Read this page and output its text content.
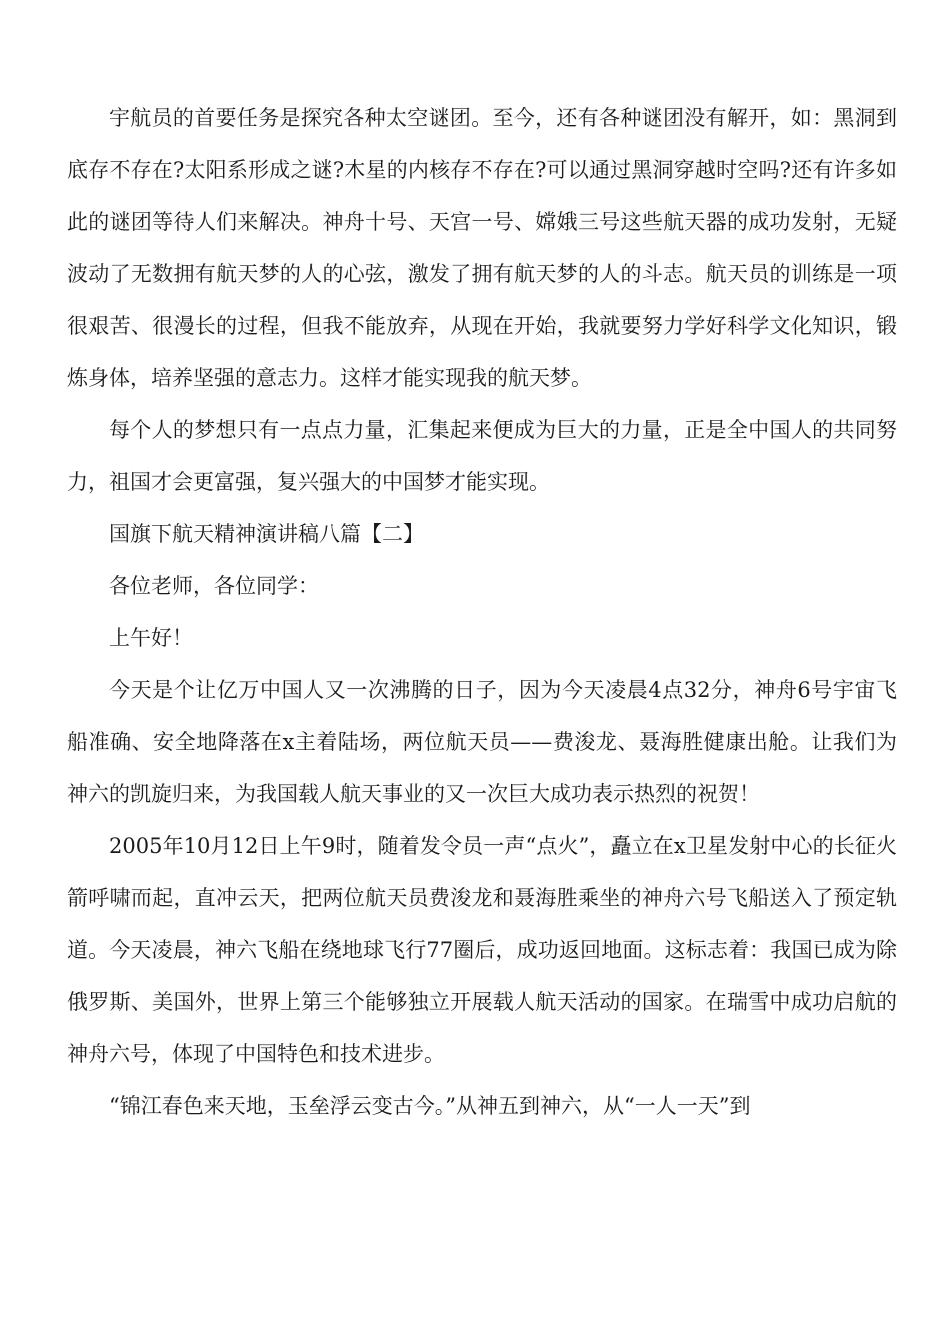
宇航员的首要任务是探究各种太空谜团。至今，还有各种谜团没有解开，如：黑洞到底存不存在?太阳系形成之谜?木星的内核存不存在?可以通过黑洞穿越时空吗?还有许多如此的谜团等待人们来解决。神舟十号、天宫一号、嫦娥三号这些航天器的成功发射，无疑波动了无数拥有航天梦的人的心弦，激发了拥有航天梦的人的斗志。航天员的训练是一项很艰苦、很漫长的过程，但我不能放弃，从现在开始，我就要努力学好科学文化知识，锻炼身体，培养坚强的意志力。这样才能实现我的航天梦。

每个人的梦想只有一点点力量，汇集起来便成为巨大的力量，正是全中国人的共同努力，祖国才会更富强，复兴强大的中国梦才能实现。

国旗下航天精神演讲稿八篇【二】

各位老师，各位同学：

上午好！

今天是个让亿万中国人又一次沸腾的日子，因为今天凌晨4点32分，神舟6号宇宙飞船准确、安全地降落在x主着陆场，两位航天员——费浚龙、聂海胜健康出舱。让我们为神六的凯旋归来，为我国载人航天事业的又一次巨大成功表示热烈的祝贺！

2005年10月12日上午9时，随着发令员一声“点火”，矗立在x卫星发射中心的长征火箭呼啸而起，直冲云天，把两位航天员费浚龙和聂海胜乘坐的神舟六号飞船送入了预定轨道。今天凌晨，神六飞船在绕地球飞行77圈后，成功返回地面。这标志着：我国已成为除俄罗斯、美国外，世界上第三个能够独立开展载人航天活动的国家。在瑞雪中成功启航的神舟六号，体现了中国特色和技术进步。

“锦江春色来天地，玉垒浮云变古今。”从神五到神六，从“一人一天”到
